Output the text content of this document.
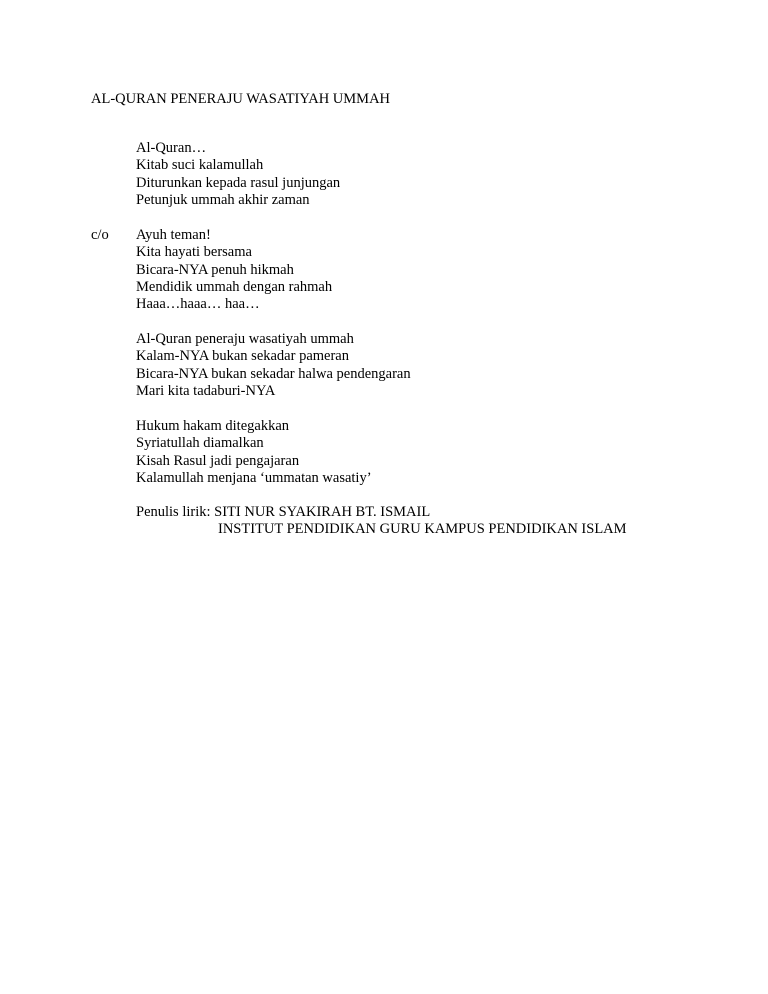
AL-QURAN PENERAJU WASATIYAH UMMAH
Al-Quran…
Kitab suci kalamullah
Diturunkan kepada rasul junjungan
Petunjuk ummah akhir zaman
c/o Ayuh teman!
Kita hayati bersama
Bicara-NYA penuh hikmah
Mendidik ummah dengan rahmah
Haaa…haaa… haa…
Al-Quran peneraju wasatiyah ummah
Kalam-NYA bukan sekadar pameran
Bicara-NYA bukan sekadar halwa pendengaran
Mari kita tadaburi-NYA
Hukum hakam ditegakkan
Syriatullah diamalkan
Kisah Rasul jadi pengajaran
Kalamullah menjana ‘ummatan wasatiy’
Penulis lirik: SITI NUR SYAKIRAH BT. ISMAIL
INSTITUT PENDIDIKAN GURU KAMPUS PENDIDIKAN ISLAM
